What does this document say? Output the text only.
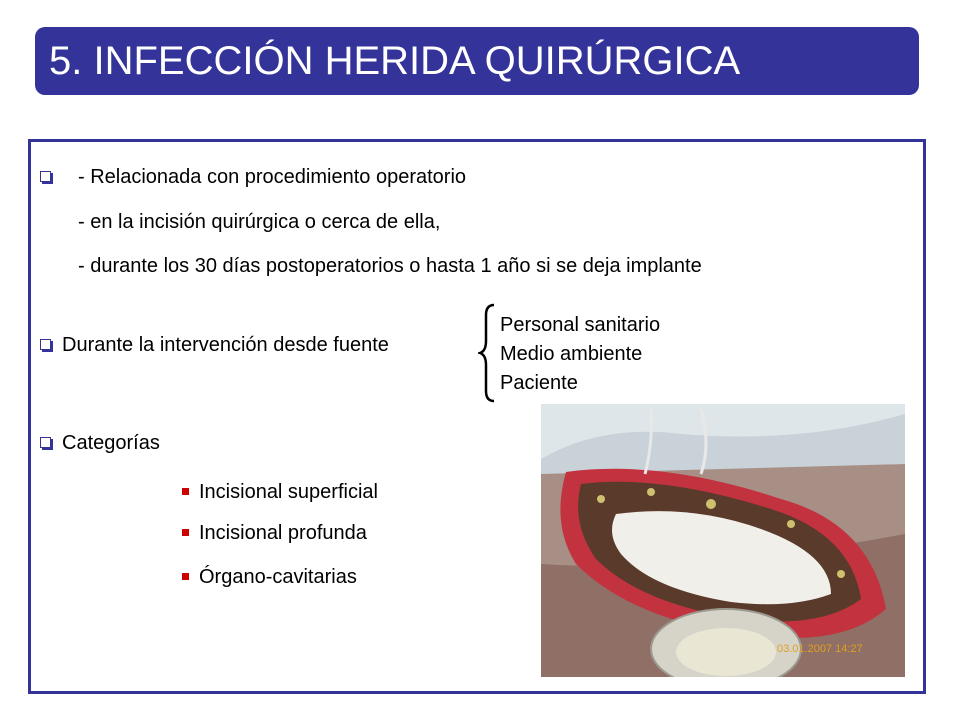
5. INFECCIÓN HERIDA QUIRÚRGICA
- Relacionada con procedimiento operatorio
- en la incisión quirúrgica o cerca de ella,
- durante los 30 días postoperatorios o hasta 1 año si se deja implante
Durante la intervención desde fuente
Personal sanitario
Medio ambiente
Paciente
Categorías
Incisional superficial
Incisional profunda
Órgano-cavitarias
03.01.2007 14:27
